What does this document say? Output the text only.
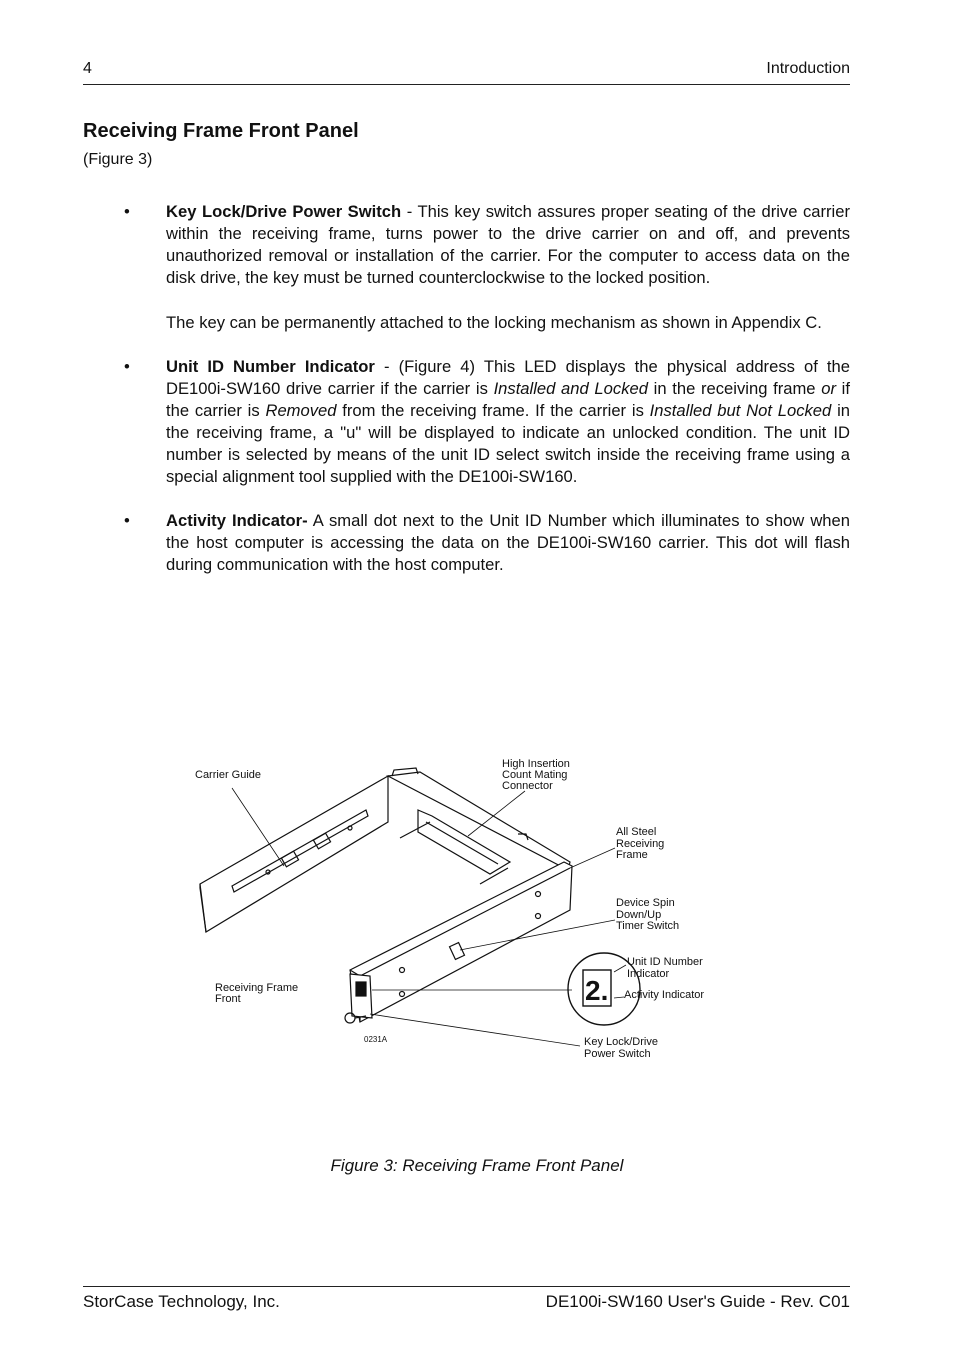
4	Introduction
Receiving Frame Front Panel
(Figure 3)
• Key Lock/Drive Power Switch - This key switch assures proper seating of the drive carrier within the receiving frame, turns power to the drive carrier on and off, and prevents unauthorized removal or installation of the carrier. For the computer to access data on the disk drive, the key must be turned counterclockwise to the locked position.

The key can be permanently attached to the locking mechanism as shown in Appendix C.

• Unit ID Number Indicator - (Figure 4) This LED displays the physical address of the DE100i-SW160 drive carrier if the carrier is Installed and Locked in the receiving frame or if the carrier is Removed from the receiving frame. If the carrier is Installed but Not Locked in the receiving frame, a "u" will be displayed to indicate an unlocked condition. The unit ID number is selected by means of the unit ID select switch inside the receiving frame using a special alignment tool supplied with the DE100i-SW160.

• Activity Indicator- A small dot next to the Unit ID Number which illuminates to show when the host computer is accessing the data on the DE100i-SW160 carrier. This dot will flash during communication with the host computer.

2.
Carrier Guide
High Insertion
Count Mating
Connector
All Steel
Receiving
Frame
Device Spin
Down/Up
Timer Switch
Unit ID Number
Indicator
Activity Indicator
Receiving Frame
Front
Key Lock/Drive
Power Switch
0231A
Figure 3: Receiving Frame Front Panel
StorCase Technology, Inc.	DE100i-SW160 User's Guide - Rev. C01
